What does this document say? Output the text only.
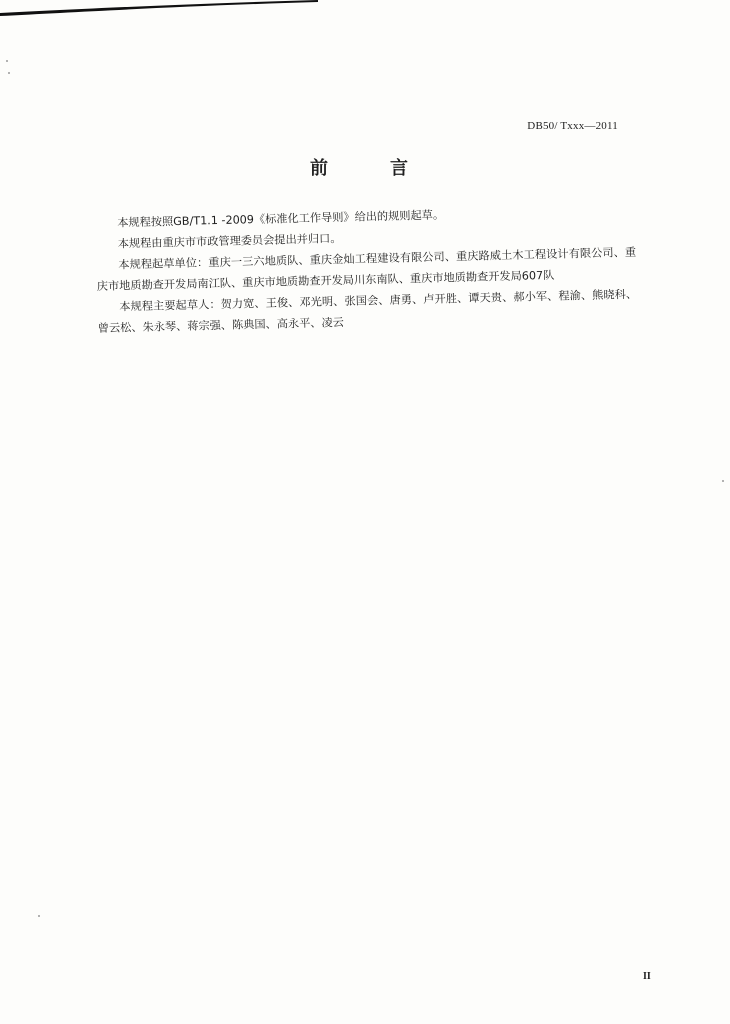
DB50/ Txxx—2011
前　言

本规程按照GB/T1.1 -2009《标准化工作导则》给出的规则起草。

本规程由重庆市市政管理委员会提出并归口。

本规程起草单位：重庆一三六地质队、重庆金灿工程建设有限公司、重庆路威土木工程设计有限公司、重庆市地质勘查开发局南江队、重庆市地质勘查开发局川东南队、重庆市地质勘查开发局607队

本规程主要起草人：贺力宽、王俊、邓光明、张国会、唐勇、卢开胜、谭天贵、郝小军、程渝、熊晓科、曾云松、朱永琴、蒋宗强、陈典国、高永平、凌云

II
